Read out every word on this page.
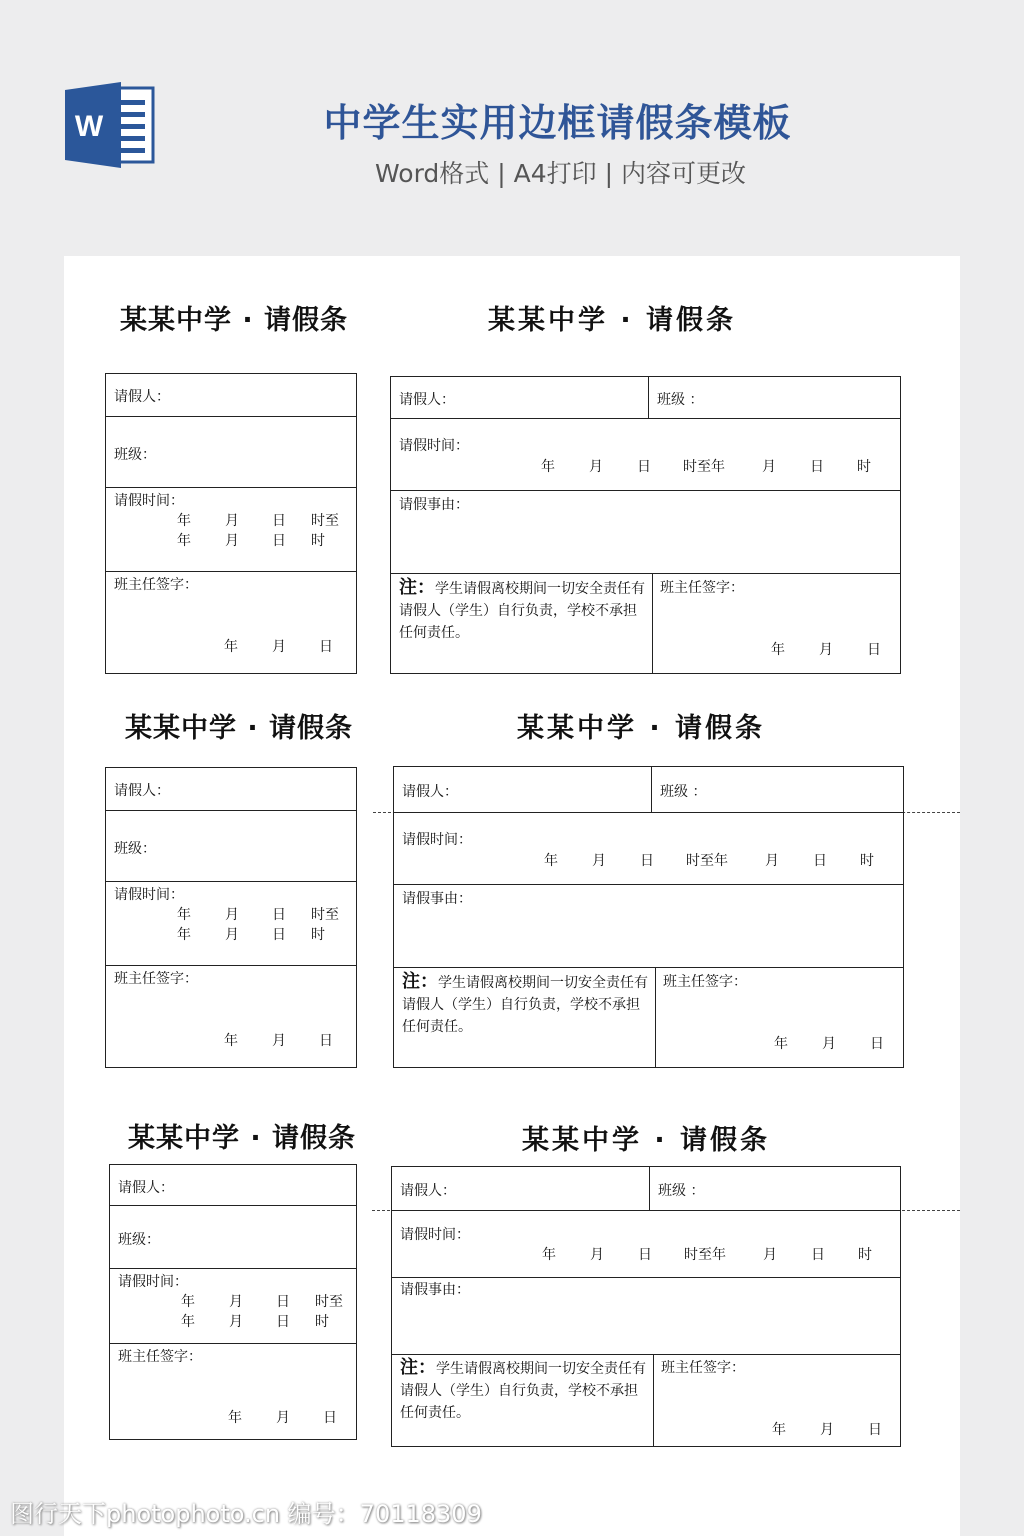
W	中学生实用边框请假条模板
Word格式 | A4打印 | 内容可更改
某某中学 · 请假条
请假人：
班级：
请假时间：
年 月 日 时至
年 月 日 时
班主任签字：
年 月 日
某某中学 · 请假条
请假人：	班级 ：
请假时间：
年 月 日 时至年	月 日 时
请假事由：
注：学生请假离校期间一切安全责任有请假人（学生）自行负责，学校不承担任何责任。
班主任签字：
年 月 日
某某中学 · 请假条
请假人：
班级：
请假时间：
年 月 日 时至
年 月 日 时
班主任签字：
年 月 日
某某中学 · 请假条
请假人：	班级 ：
请假时间：
年 月 日 时至年	月 日 时
请假事由：
注：学生请假离校期间一切安全责任有请假人（学生）自行负责，学校不承担任何责任。
班主任签字：
年 月 日
某某中学 · 请假条
请假人：
班级：
请假时间：
年 月 日 时至
年 月 日 时
班主任签字：
年 月 日
某某中学 · 请假条
请假人：	班级 ：
请假时间：
年 月 日 时至年	月 日 时
请假事由：
注：学生请假离校期间一切安全责任有请假人（学生）自行负责，学校不承担任何责任。
班主任签字：
年 月 日
图行天下photophoto.cn 编号：70118309
